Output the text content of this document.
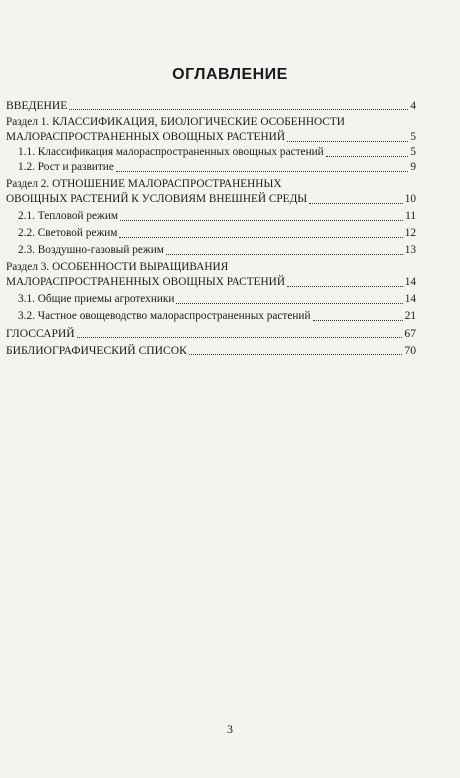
ОГЛАВЛЕНИЕ
ВВЕДЕНИЕ	4
Раздел 1. КЛАССИФИКАЦИЯ, БИОЛОГИЧЕСКИЕ ОСОБЕННОСТИ
МАЛОРАСПРОСТРАНЕННЫХ ОВОЩНЫХ РАСТЕНИЙ	5
1.1. Классификация малораспространенных овощных растений	5
1.2. Рост и развитие	9
Раздел 2. ОТНОШЕНИЕ МАЛОРАСПРОСТРАНЕННЫХ
ОВОЩНЫХ РАСТЕНИЙ К УСЛОВИЯМ ВНЕШНЕЙ СРЕДЫ	10
2.1. Тепловой режим	11
2.2. Световой режим	12
2.3. Воздушно-газовый режим	13
Раздел 3. ОСОБЕННОСТИ ВЫРАЩИВАНИЯ
МАЛОРАСПРОСТРАНЕННЫХ ОВОЩНЫХ РАСТЕНИЙ	14
3.1. Общие приемы агротехники	14
3.2. Частное овощеводство малораспространенных растений	21
ГЛОССАРИЙ	67
БИБЛИОГРАФИЧЕСКИЙ СПИСОК	70
3
